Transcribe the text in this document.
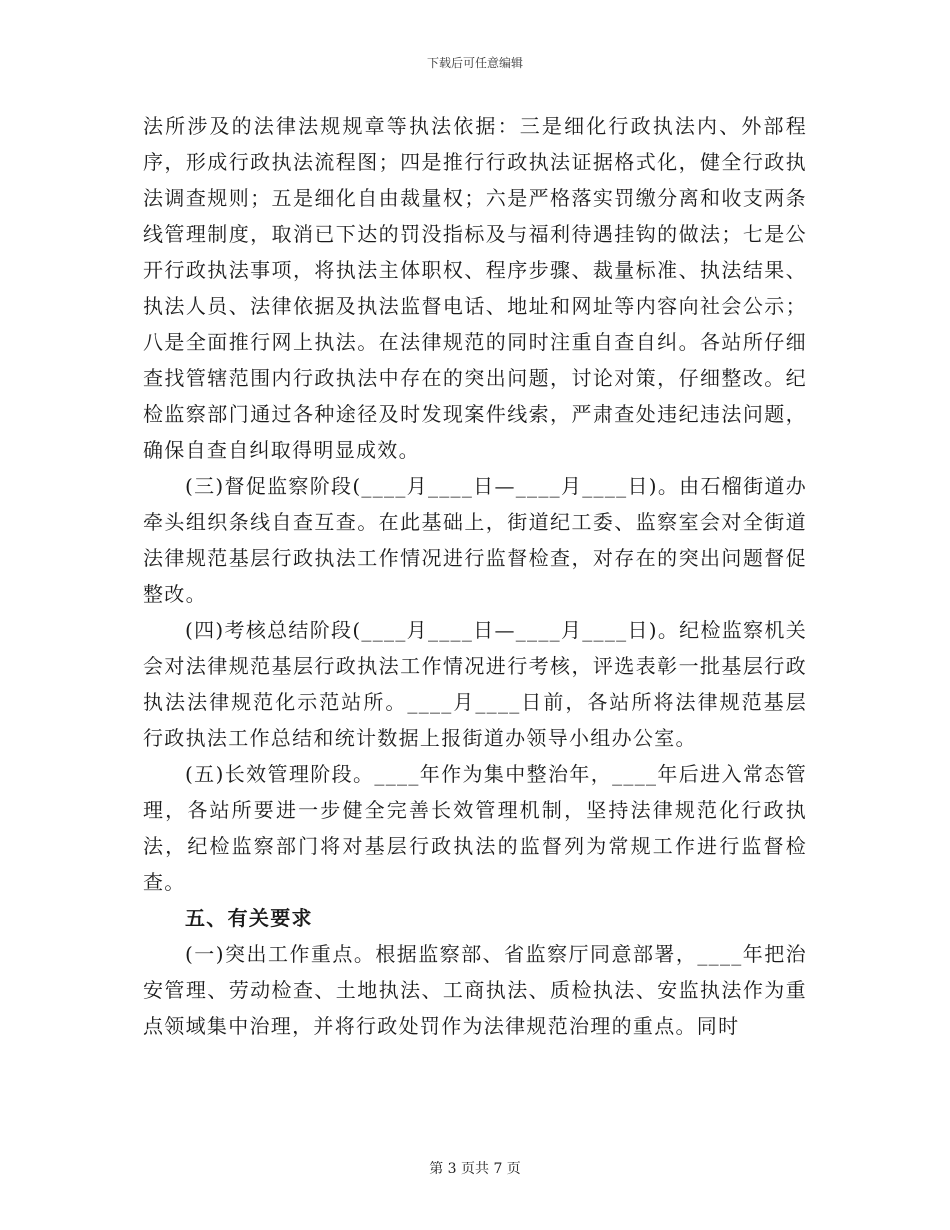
下载后可任意编辑

法所涉及的法律法规规章等执法依据：三是细化行政执法内、外部程序，形成行政执法流程图；四是推行行政执法证据格式化，健全行政执法调查规则；五是细化自由裁量权；六是严格落实罚缴分离和收支两条线管理制度，取消已下达的罚没指标及与福利待遇挂钩的做法；七是公开行政执法事项，将执法主体职权、程序步骤、裁量标准、执法结果、执法人员、法律依据及执法监督电话、地址和网址等内容向社会公示；八是全面推行网上执法。在法律规范的同时注重自查自纠。各站所仔细查找管辖范围内行政执法中存在的突出问题，讨论对策，仔细整改。纪检监察部门通过各种途径及时发现案件线索，严肃查处违纪违法问题，确保自查自纠取得明显成效。

(三)督促监察阶段(____月____日—____月____日)。由石榴街道办牵头组织条线自查互查。在此基础上，街道纪工委、监察室会对全街道法律规范基层行政执法工作情况进行监督检查，对存在的突出问题督促整改。

(四)考核总结阶段(____月____日—____月____日)。纪检监察机关会对法律规范基层行政执法工作情况进行考核，评选表彰一批基层行政执法法律规范化示范站所。____月____日前，各站所将法律规范基层行政执法工作总结和统计数据上报街道办领导小组办公室。

(五)长效管理阶段。____年作为集中整治年，____年后进入常态管理，各站所要进一步健全完善长效管理机制，坚持法律规范化行政执法，纪检监察部门将对基层行政执法的监督列为常规工作进行监督检查。

五、有关要求

(一)突出工作重点。根据监察部、省监察厅同意部署，____年把治安管理、劳动检查、土地执法、工商执法、质检执法、安监执法作为重点领域集中治理，并将行政处罚作为法律规范治理的重点。同时

第 3 页共 7 页
